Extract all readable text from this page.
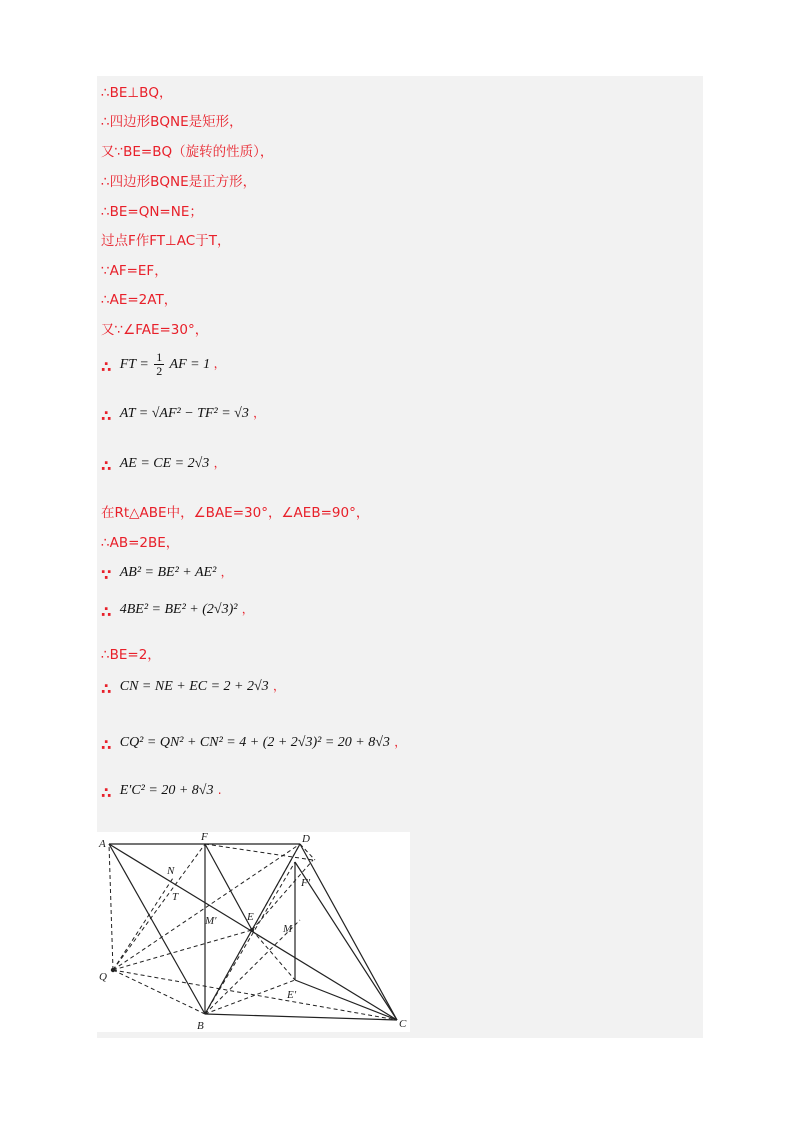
∴BE⊥BQ，
∴四边形BQNE是矩形，
又∵BE=BQ（旋转的性质），
∴四边形BQNE是正方形，
∴BE=QN=NE；
过点F作FT⊥AC于T，
∵AF=EF，
∴AE=2AT，
又∵∠FAE=30°，
∴ FT = $\frac{1}{2}$ AF = 1 ，
∴ AT = √AF² − TF² = √3 ，
∴ AE = CE = 2√3 ，
在Rt△ABE中，∠BAE=30°，∠AEB=90°，
∴AB=2BE，
∵ AB² = BE² + AE² ，
∴ 4BE² = BE² + (2√3)² ，
∴BE=2，
∴ CN = NE + EC = 2 + 2√3 ，
∴ CQ² = QN² + CN² = 4 + (2 + 2√3)² = 20 + 8√3 ，
∴ E′C² = 20 + 8√3 .
A
F	D
N
T
F′
M′	E
M
Q
E′
B	C
